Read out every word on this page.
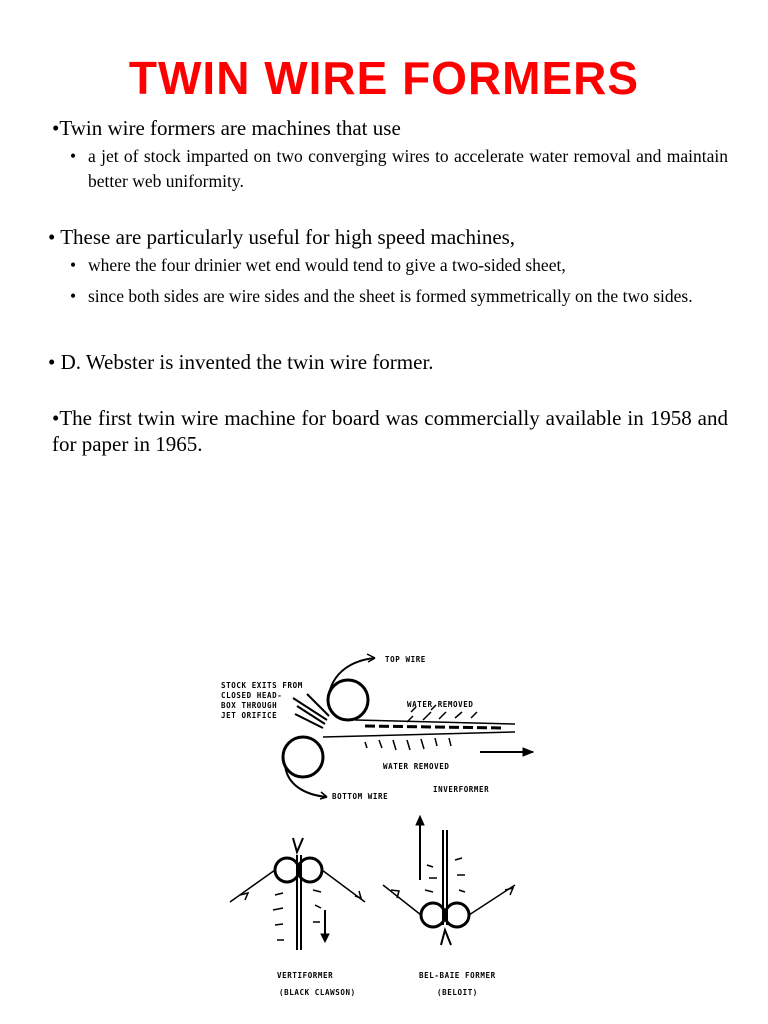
TWIN WIRE FORMERS
•Twin wire formers are machines that use
• a jet of stock imparted on two converging wires to accelerate water removal and maintain better web uniformity.
• These are particularly useful for high speed machines,
• where the four drinier wet end would tend to give a two-sided sheet,
• since both sides are wire sides and the sheet is formed symmetrically on the two sides.
• D. Webster is invented the twin wire former.
•The first twin wire machine for board was commercially available in 1958 and for paper in 1965.
TOP WIRE
STOCK EXITS FROM
CLOSED HEAD-
BOX THROUGH
JET ORIFICE
WATER REMOVED
WATER REMOVED
BOTTOM WIRE
INVERFORMER
VERTIFORMER
(BLACK CLAWSON)
BEL-BAIE FORMER
(BELOIT)
